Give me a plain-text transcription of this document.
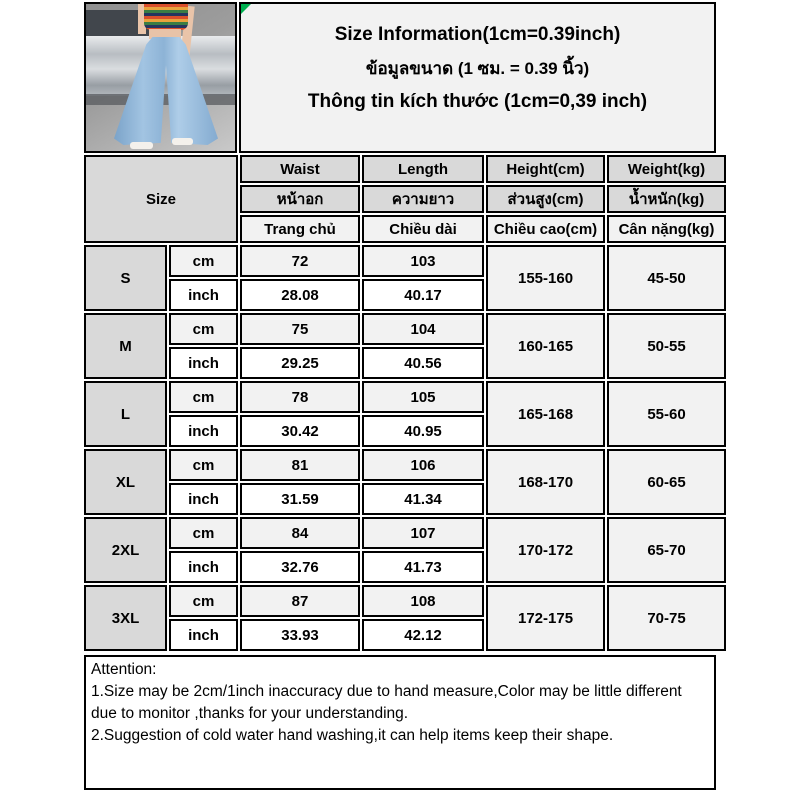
Size Information(1cm=0.39inch)
ข้อมูลขนาด (1 ซม. = 0.39 นิ้ว)
Thông tin kích thước (1cm=0,39 inch)
Size		Waist	Length	Height(cm)	Weight(kg)
		หน้าอก	ความยาว	ส่วนสูง(cm)	น้ำหนัก(kg)
		Trang chủ	Chiều dài	Chiều cao(cm)	Cân nặng(kg)
S	cm	72	103	155-160	45-50
	inch	28.08	40.17		
M	cm	75	104	160-165	50-55
	inch	29.25	40.56		
L	cm	78	105	165-168	55-60
	inch	30.42	40.95		
XL	cm	81	106	168-170	60-65
	inch	31.59	41.34		
2XL	cm	84	107	170-172	65-70
	inch	32.76	41.73		
3XL	cm	87	108	172-175	70-75
	inch	33.93	42.12		
Attention:
1.Size may be 2cm/1inch inaccuracy due to hand measure,Color may be little different due to monitor ,thanks for your understanding.
2.Suggestion of cold water hand washing,it can help items keep their shape.
